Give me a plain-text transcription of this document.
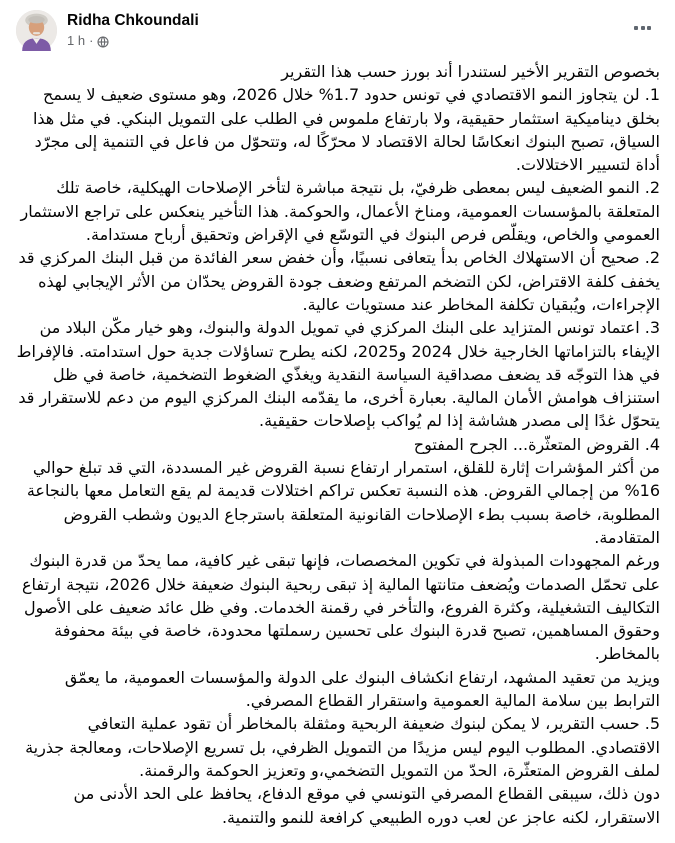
Ridha Chkoundali
1 h ·

بخصوص التقرير الأخير لستندرا أند بورز حسب هذا التقرير

1. لن يتجاوز النمو الاقتصادي في تونس حدود 1.7% خلال 2026، وهو مستوى ضعيف لا يسمح بخلق ديناميكية استثمار حقيقية، ولا بارتفاع ملموس في الطلب على التمويل البنكي. في مثل هذا السياق، تصبح البنوك انعكاسًا لحالة الاقتصاد لا محرّكًا له، وتتحوّل من فاعل في التنمية إلى مجرّد أداة لتسيير الاختلالات.

2. النمو الضعيف ليس بمعطى ظرفيّ، بل نتيجة مباشرة لتأخر الإصلاحات الهيكلية، خاصة تلك المتعلقة بالمؤسسات العمومية، ومناخ الأعمال، والحوكمة. هذا التأخير ينعكس على تراجع الاستثمار العمومي والخاص، ويقلّص فرص البنوك في التوسّع في الإقراض وتحقيق أرباح مستدامة.

2. صحيح أن الاستهلاك الخاص بدأ يتعافى نسبيًا، وأن خفض سعر الفائدة من قبل البنك المركزي قد يخفف كلفة الاقتراض، لكن التضخم المرتفع وضعف جودة القروض يحدّان من الأثر الإيجابي لهذه الإجراءات، ويُبقيان تكلفة المخاطر عند مستويات عالية.

3. اعتماد تونس المتزايد على البنك المركزي في تمويل الدولة والبنوك، وهو خيار مكّن البلاد من الإيفاء بالتزاماتها الخارجية خلال 2024 و2025، لكنه يطرح تساؤلات جدية حول استدامته. فالإفراط في هذا التوجّه قد يضعف مصداقية السياسة النقدية ويغذّي الضغوط التضخمية، خاصة في ظل استنزاف هوامش الأمان المالية. بعبارة أخرى، ما يقدّمه البنك المركزي اليوم من دعم للاستقرار قد يتحوّل غدًا إلى مصدر هشاشة إذا لم يُواكب بإصلاحات حقيقية.

4. القروض المتعثّرة... الجرح المفتوح

من أكثر المؤشرات إثارة للقلق، استمرار ارتفاع نسبة القروض غير المسددة، التي قد تبلغ حوالي 16% من إجمالي القروض. هذه النسبة تعكس تراكم اختلالات قديمة لم يقع التعامل معها بالنجاعة المطلوبة، خاصة بسبب بطء الإصلاحات القانونية المتعلقة باسترجاع الديون وشطب القروض المتقادمة.

ورغم المجهودات المبذولة في تكوين المخصصات، فإنها تبقى غير كافية، مما يحدّ من قدرة البنوك على تحمّل الصدمات ويُضعف متانتها المالية إذ تبقى ربحية البنوك ضعيفة خلال 2026، نتيجة ارتفاع التكاليف التشغيلية، وكثرة الفروع، والتأخر في رقمنة الخدمات. وفي ظل عائد ضعيف على الأصول وحقوق المساهمين، تصبح قدرة البنوك على تحسين رسملتها محدودة، خاصة في بيئة محفوفة بالمخاطر.

ويزيد من تعقيد المشهد، ارتفاع انكشاف البنوك على الدولة والمؤسسات العمومية، ما يعمّق الترابط بين سلامة المالية العمومية واستقرار القطاع المصرفي.

5. حسب التقرير، لا يمكن لبنوك ضعيفة الربحية ومثقلة بالمخاطر أن تقود عملية التعافي الاقتصادي. المطلوب اليوم ليس مزيدًا من التمويل الظرفي، بل تسريع الإصلاحات، ومعالجة جذرية لملف القروض المتعثّرة، الحدّ من التمويل التضخمي،و وتعزيز الحوكمة والرقمنة.

دون ذلك، سيبقى القطاع المصرفي التونسي في موقع الدفاع، يحافظ على الحد الأدنى من الاستقرار، لكنه عاجز عن لعب دوره الطبيعي كرافعة للنمو والتنمية.
